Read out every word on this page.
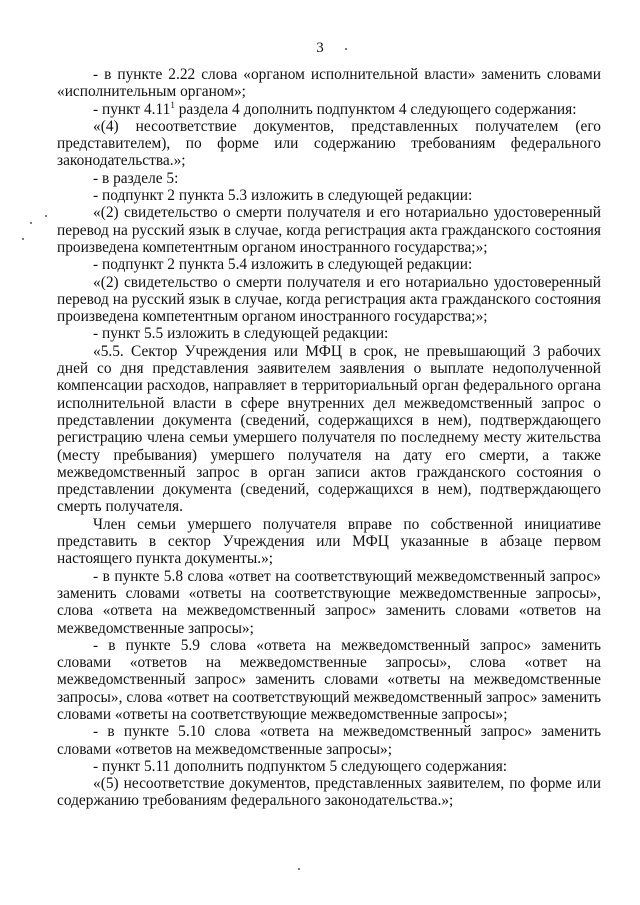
3

- в пункте 2.22 слова «органом исполнительной власти» заменить словами «исполнительным органом»;

- пункт 4.11$^1$ раздела 4 дополнить подпунктом 4 следующего содержания:

«(4) несоответствие документов, представленных получателем (его представителем), по форме или содержанию требованиям федерального законодательства.»;

- в разделе 5:

- подпункт 2 пункта 5.3 изложить в следующей редакции:

«(2) свидетельство о смерти получателя и его нотариально удостоверенный перевод на русский язык в случае, когда регистрация акта гражданского состояния произведена компетентным органом иностранного государства;»;

- подпункт 2 пункта 5.4 изложить в следующей редакции:

«(2) свидетельство о смерти получателя и его нотариально удостоверенный перевод на русский язык в случае, когда регистрация акта гражданского состояния произведена компетентным органом иностранного государства;»;

- пункт 5.5 изложить в следующей редакции:

«5.5. Сектор Учреждения или МФЦ в срок, не превышающий 3 рабочих дней со дня представления заявителем заявления о выплате недополученной компенсации расходов, направляет в территориальный орган федерального органа исполнительной власти в сфере внутренних дел межведомственный запрос о представлении документа (сведений, содержащихся в нем), подтверждающего регистрацию члена семьи умершего получателя по последнему месту жительства (месту пребывания) умершего получателя на дату его смерти, а также межведомственный запрос в орган записи актов гражданского состояния о представлении документа (сведений, содержащихся в нем), подтверждающего смерть получателя.

Член семьи умершего получателя вправе по собственной инициативе представить в сектор Учреждения или МФЦ указанные в абзаце первом настоящего пункта документы.»;

- в пункте 5.8 слова «ответ на соответствующий межведомственный запрос» заменить словами «ответы на соответствующие межведомственные запросы», слова «ответа на межведомственный запрос» заменить словами «ответов на межведомственные запросы»;

- в пункте 5.9 слова «ответа на межведомственный запрос» заменить словами «ответов на межведомственные запросы», слова «ответ на межведомственный запрос» заменить словами «ответы на межведомственные запросы», слова «ответ на соответствующий межведомственный запрос» заменить словами «ответы на соответствующие межведомственные запросы»;

- в пункте 5.10 слова «ответа на межведомственный запрос» заменить словами «ответов на межведомственные запросы»;

- пункт 5.11 дополнить подпунктом 5 следующего содержания:

«(5) несоответствие документов, представленных заявителем, по форме или содержанию требованиям федерального законодательства.»;
